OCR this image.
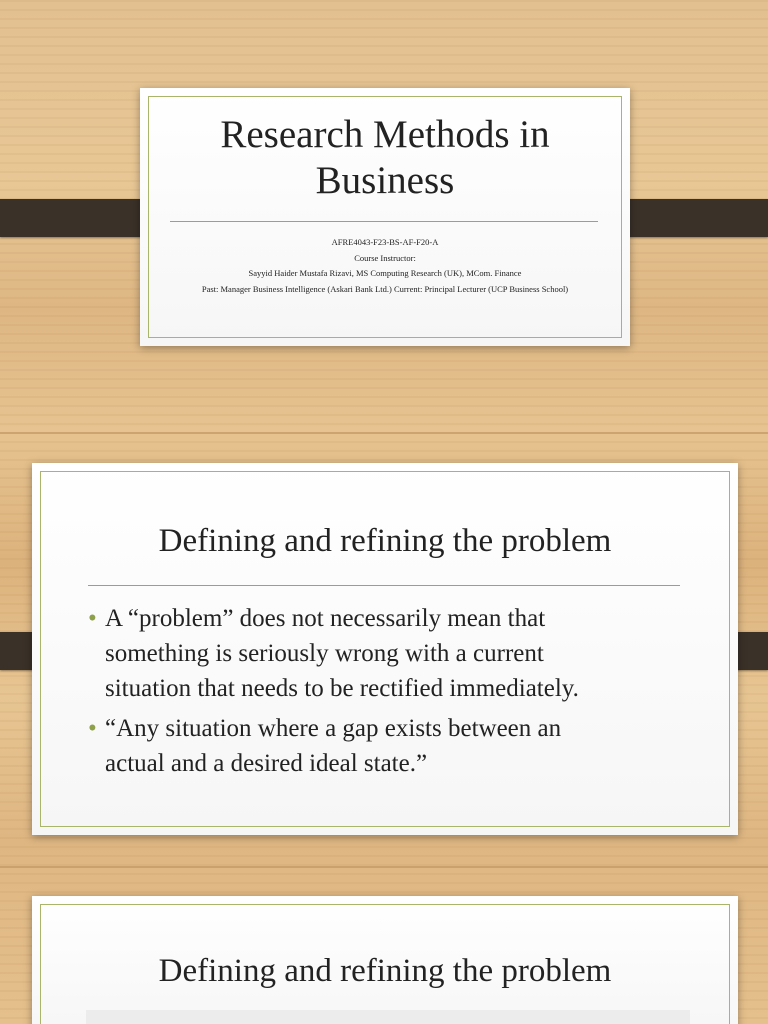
Research Methods in
Business
AFRE4043-F23-BS-AF-F20-A
Course Instructor:
Sayyid Haider Mustafa Rizavi, MS Computing Research (UK), MCom. Finance
Past: Manager Business Intelligence (Askari Bank Ltd.) Current: Principal Lecturer (UCP Business School)
Defining and refining the problem
• A “problem” does not necessarily mean that
something is seriously wrong with a current
situation that needs to be rectified immediately.
• “Any situation where a gap exists between an
actual and a desired ideal state.”
Defining and refining the problem
